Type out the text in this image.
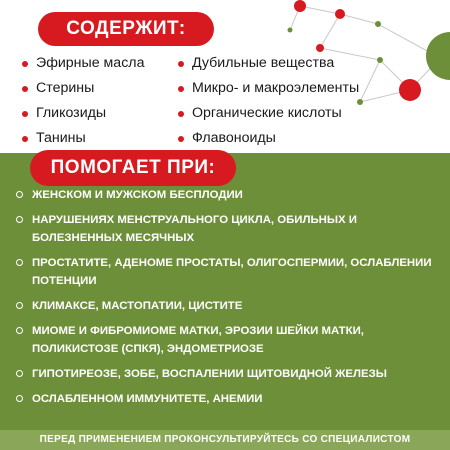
СОДЕРЖИТ:
Эфирные масла
Стерины
Гликозиды
Танины
Дубильные вещества
Микро- и макроэлементы
Органические кислоты
Флавоноиды
ПОМОГАЕТ ПРИ:
ЖЕНСКОМ И МУЖСКОМ БЕСПЛОДИИ
НАРУШЕНИЯХ МЕНСТРУАЛЬНОГО ЦИКЛА, ОБИЛЬНЫХ И БОЛЕЗНЕННЫХ МЕСЯЧНЫХ
ПРОСТАТИТЕ, АДЕНОМЕ ПРОСТАТЫ, ОЛИГОСПЕРМИИ, ОСЛАБЛЕНИИ ПОТЕНЦИИ
КЛИМАКСЕ, МАСТОПАТИИ, ЦИСТИТЕ
МИОМЕ И ФИБРОМИОМЕ МАТКИ, ЭРОЗИИ ШЕЙКИ МАТКИ, ПОЛИКИСТОЗЕ (СПКЯ), ЭНДОМЕТРИОЗЕ
ГИПОТИРЕОЗЕ, ЗОБЕ, ВОСПАЛЕНИИ ЩИТОВИДНОЙ ЖЕЛЕЗЫ
ОСЛАБЛЕННОМ ИММУНИТЕТЕ, АНЕМИИ
ПЕРЕД ПРИМЕНЕНИЕМ ПРОКОНСУЛЬТИРУЙТЕСЬ СО СПЕЦИАЛИСТОМ
